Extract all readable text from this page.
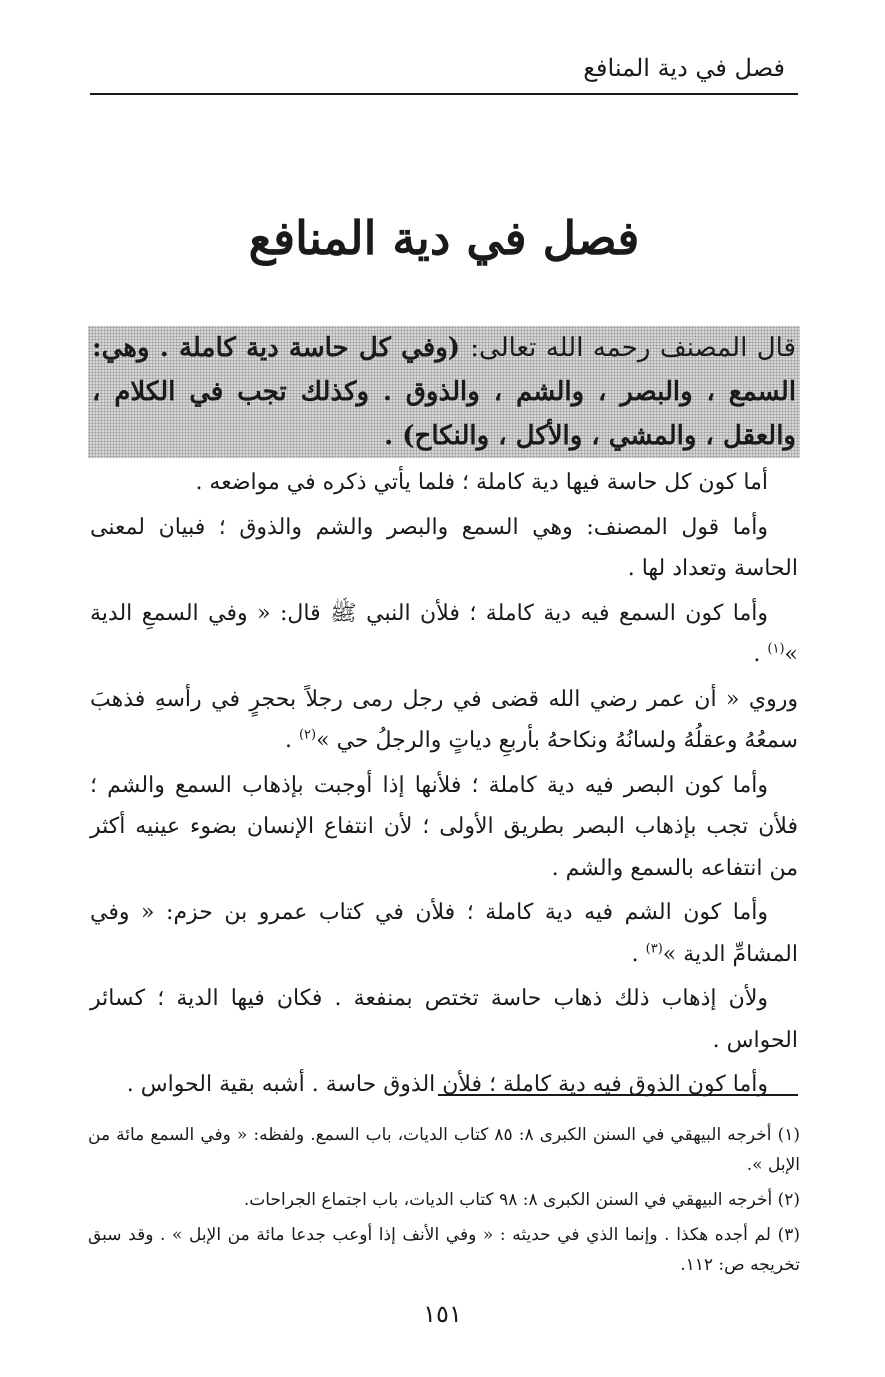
فصل في دية المنافع
فصل في دية المنافع
قال المصنف رحمه الله تعالى: (وفي كل حاسة دية كاملة . وهي: السمع ، والبصر ، والشم ، والذوق . وكذلك تجب في الكلام ، والعقل ، والمشي ، والأكل ، والنكاح) .

أما كون كل حاسة فيها دية كاملة ؛ فلما يأتي ذكره في مواضعه .

وأما قول المصنف: وهي السمع والبصر والشم والذوق ؛ فبيان لمعنى الحاسة وتعداد لها .

وأما كون السمع فيه دية كاملة ؛ فلأن النبي ﷺ قال: « وفي السمعِ الدية »$^{(١)}$ .

وروي « أن عمر رضي الله قضى في رجل رمى رجلاً بحجرٍ في رأسهِ فذهبَ سمعُهُ وعقلُهُ ولسانُهُ ونكاحهُ بأربعِ دياتٍ والرجلُ حي »$^{(٢)}$ .

وأما كون البصر فيه دية كاملة ؛ فلأنها إذا أوجبت بإذهاب السمع والشم ؛ فلأن تجب بإذهاب البصر بطريق الأولى ؛ لأن انتفاع الإنسان بضوء عينيه أكثر من انتفاعه بالسمع والشم .

وأما كون الشم فيه دية كاملة ؛ فلأن في كتاب عمرو بن حزم: « وفي المشامِّ الدية »$^{(٣)}$ .

ولأن إذهاب ذلك ذهاب حاسة تختص بمنفعة . فكان فيها الدية ؛ كسائر الحواس .

وأما كون الذوق فيه دية كاملة ؛ فلأن الذوق حاسة . أشبه بقية الحواس .

(١) أخرجه البيهقي في السنن الكبرى ٨: ٨٥ كتاب الديات، باب السمع. ولفظه: « وفي السمع مائة من الإبل ».
(٢) أخرجه البيهقي في السنن الكبرى ٨: ٩٨ كتاب الديات، باب اجتماع الجراحات.
(٣) لم أجده هكذا . وإنما الذي في حديثه : « وفي الأنف إذا أوعب جدعا مائة من الإبل » . وقد سبق تخريجه ص: ١١٢.
١٥١
